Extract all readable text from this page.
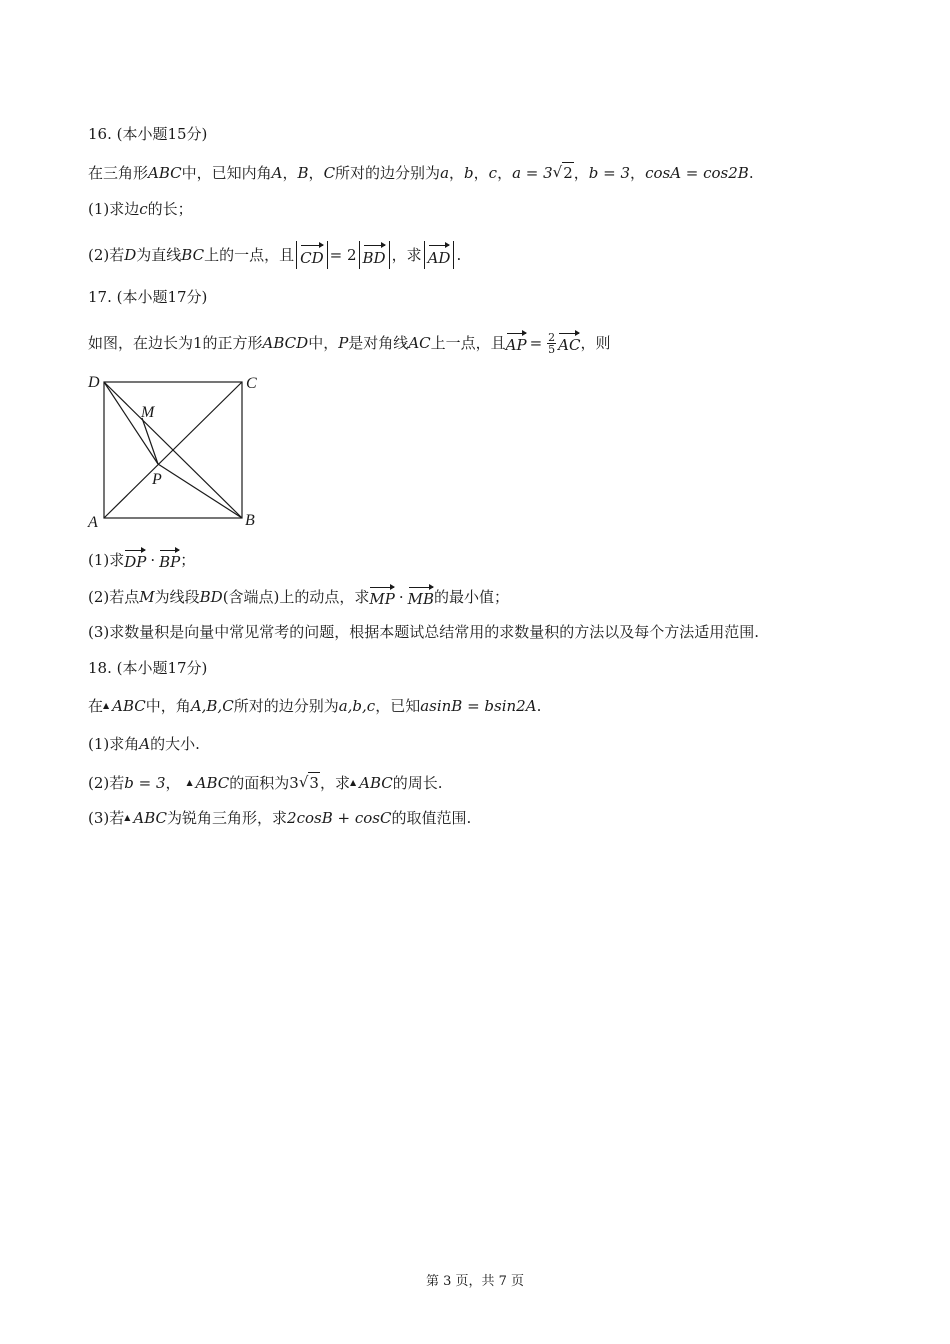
16. (本小题15分)
在三角形 ABC 中，已知内角 A ， B ， C 所对的边分别为 a ， b ， c ， a = 3 √ 2 ， b = 3 ， cosA = cos2B .
(1)求边 c 的长；
(2)若 D 为直线 BC 上的一点，且 CD = 2 BD ，求 AD .
17. (本小题17分)
如图，在边长为1的正方形 ABCD 中， P 是对角线 AC 上一点，且 AP = $\frac{2}{5}$ AC ，则
D	C
M
P
A	B
(1)求 DP · BP ；
(2)若点 M 为线段 BD (含端点)上的动点，求 MP · MB 的最小值；
(3)求数量积是向量中常见常考的问题，根据本题试总结常用的求数量积的方法以及每个方法适用范围.
18. (本小题17分)
在 ▲ ABC 中，角 A,B,C 所对的边分别为 a,b,c ，已知 asinB = bsin2A .
(1)求角 A 的大小.
(2)若 b = 3 ， ▲ ABC 的面积为3 √ 3 ，求 ▲ ABC 的周长.
(3)若 ▲ ABC 为锐角三角形，求 2cosB + cosC 的取值范围.
第 3 页，共 7 页
